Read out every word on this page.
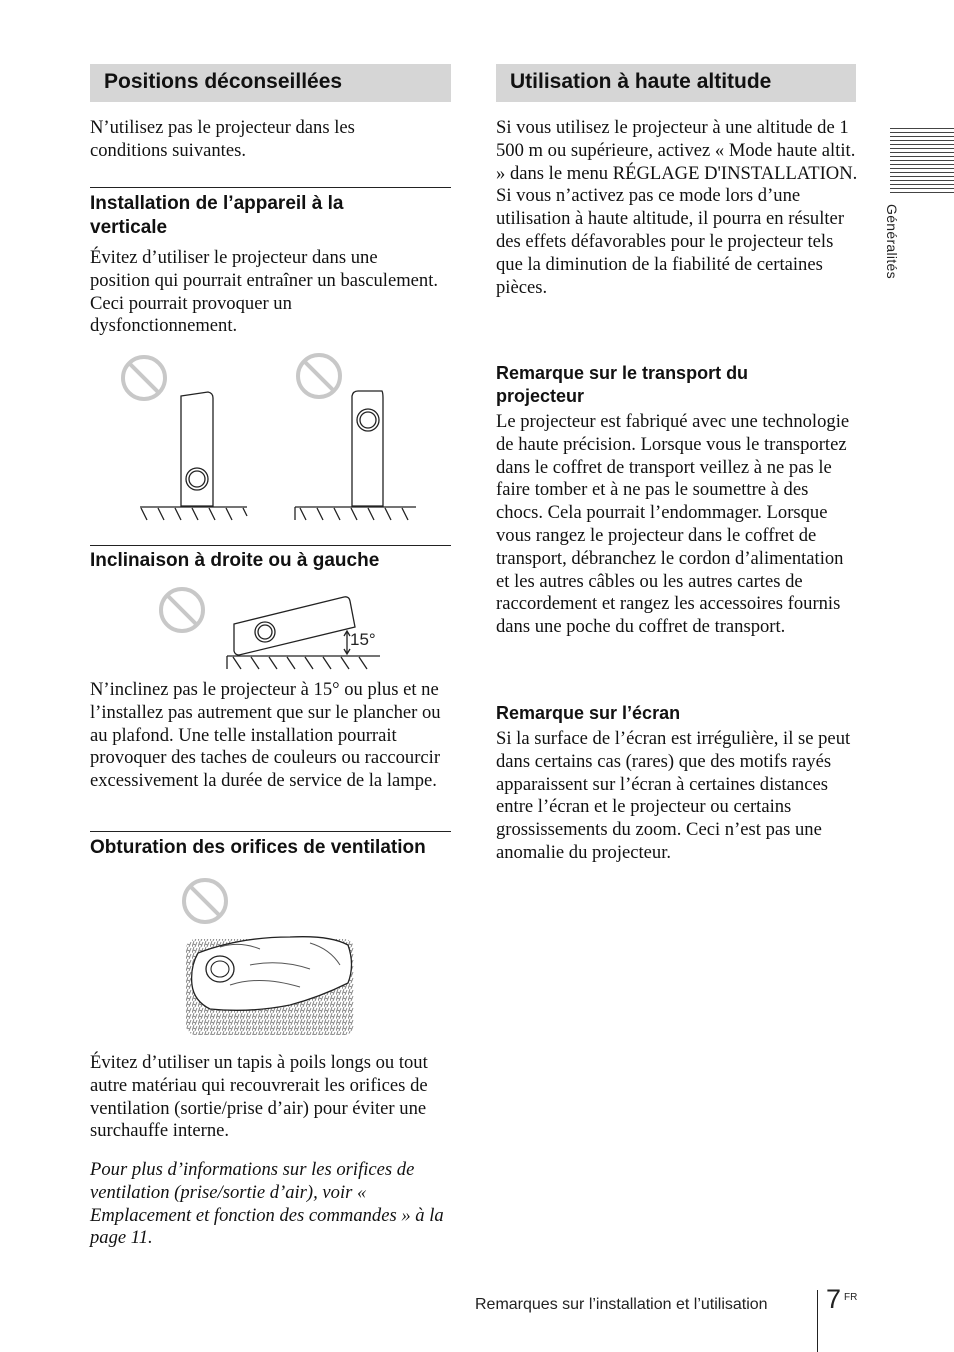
Positions déconseillées

N’utilisez pas le projecteur dans les conditions suivantes.

Installation de l’appareil à la verticale

Évitez d’utiliser le projecteur dans une position qui pourrait entraîner un basculement. Ceci pourrait provoquer un dysfonctionnement.

Inclinaison à droite ou à gauche
15°

N’inclinez pas le projecteur à 15° ou plus et ne l’installez pas autrement que sur le plancher ou au plafond. Une telle installation pourrait provoquer des taches de couleurs ou raccourcir excessivement la durée de service de la lampe.

Obturation des orifices de ventilation

Évitez d’utiliser un tapis à poils longs ou tout autre matériau qui recouvrerait les orifices de ventilation (sortie/prise d’air) pour éviter une surchauffe interne.

Pour plus d’informations sur les orifices de ventilation (prise/sortie d’air), voir « Emplacement et fonction des commandes » à la page 11.

Utilisation à haute altitude

Si vous utilisez le projecteur à une altitude de 1 500 m ou supérieure, activez « Mode haute altit. » dans le menu RÉGLAGE D'INSTALLATION. Si vous n’activez pas ce mode lors d’une utilisation à haute altitude, il pourra en résulter des effets défavorables pour le projecteur tels que la diminution de la fiabilité de certaines pièces.

Remarque sur le transport du projecteur

Le projecteur est fabriqué avec une technologie de haute précision. Lorsque vous le transportez dans le coffret de transport veillez à ne pas le faire tomber et à ne pas le soumettre à des chocs. Cela pourrait l’endommager. Lorsque vous rangez le projecteur dans le coffret de transport, débranchez le cordon d’alimentation et les autres câbles ou les autres cartes de raccordement et rangez les accessoires fournis dans une poche du coffret de transport.

Remarque sur l’écran

Si la surface de l’écran est irrégulière, il se peut dans certains cas (rares) que des motifs rayés apparaissent sur l’écran à certaines distances entre l’écran et le projecteur ou certains grossissements du zoom. Ceci n’est pas une anomalie du projecteur.

Généralités
Remarques sur l’installation et l’utilisation 7 FR
